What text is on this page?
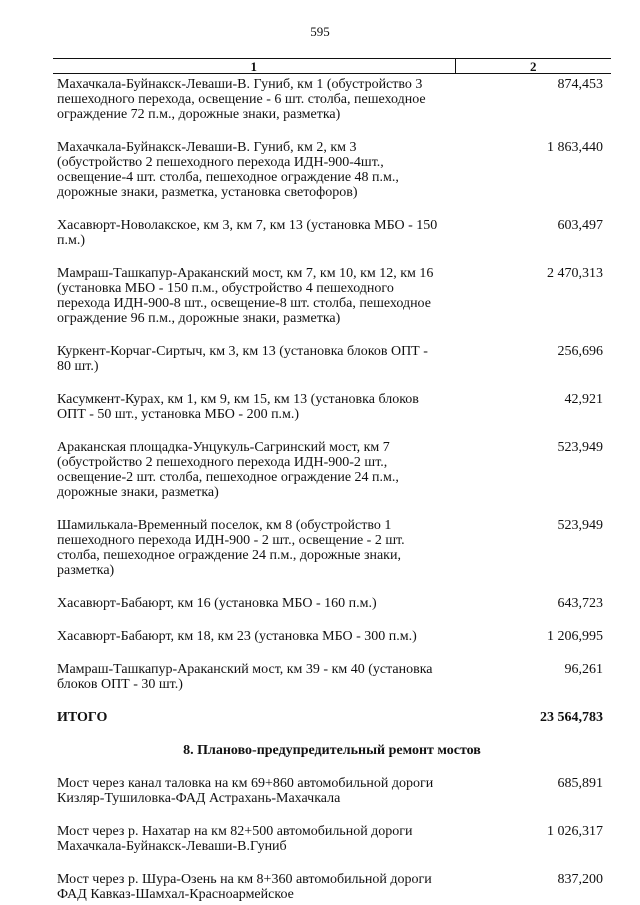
595
1	2
Махачкала-Буйнакск-Леваши-В. Гуниб, км 1 (обустройство 3 пешеходного перехода, освещение - 6 шт. столба, пешеходное ограждение 72 п.м., дорожные знаки, разметка)	874,453

Махачкала-Буйнакск-Леваши-В. Гуниб, км 2, км 3 (обустройство 2 пешеходного перехода ИДН-900-4шт., освещение-4 шт. столба, пешеходное ограждение 48 п.м., дорожные знаки, разметка, установка светофоров)	1 863,440

Хасавюрт-Новолакское, км 3, км 7, км 13 (установка МБО - 150 п.м.)	603,497

Мамраш-Ташкапур-Араканский мост, км 7, км 10, км 12, км 16 (установка МБО - 150 п.м., обустройство 4 пешеходного перехода ИДН-900-8 шт., освещение-8 шт. столба, пешеходное ограждение 96 п.м., дорожные знаки, разметка)	2 470,313

Куркент-Корчаг-Сиртыч, км 3, км 13 (установка блоков ОПТ - 80 шт.)	256,696

Касумкент-Курах, км 1, км 9, км 15, км 13 (установка блоков ОПТ - 50 шт., установка МБО - 200 п.м.)	42,921

Араканская площадка-Унцукуль-Сагринский мост, км 7 (обустройство 2 пешеходного перехода ИДН-900-2 шт., освещение-2 шт. столба, пешеходное ограждение 24 п.м., дорожные знаки, разметка)	523,949

Шамилькала-Временный поселок, км 8 (обустройство 1 пешеходного перехода ИДН-900 - 2 шт., освещение - 2 шт. столба, пешеходное ограждение 24 п.м., дорожные знаки, разметка)	523,949

Хасавюрт-Бабаюрт, км 16 (установка МБО - 160 п.м.)	643,723

Хасавюрт-Бабаюрт, км 18, км 23 (установка МБО - 300 п.м.)	1 206,995

Мамраш-Ташкапур-Араканский мост, км 39 - км 40 (установка блоков ОПТ - 30 шт.)	96,261

ИТОГО	23 564,783

8. Планово-предупредительный ремонт мостов	

Мост через канал таловка на км 69+860 автомобильной дороги Кизляр-Тушиловка-ФАД Астрахань-Махачкала	685,891

Мост через р. Нахатар на км 82+500 автомобильной дороги Махачкала-Буйнакск-Леваши-В.Гуниб	1 026,317

Мост через р. Шура-Озень на км 8+360 автомобильной дороги ФАД Кавказ-Шамхал-Красноармейское	837,200
